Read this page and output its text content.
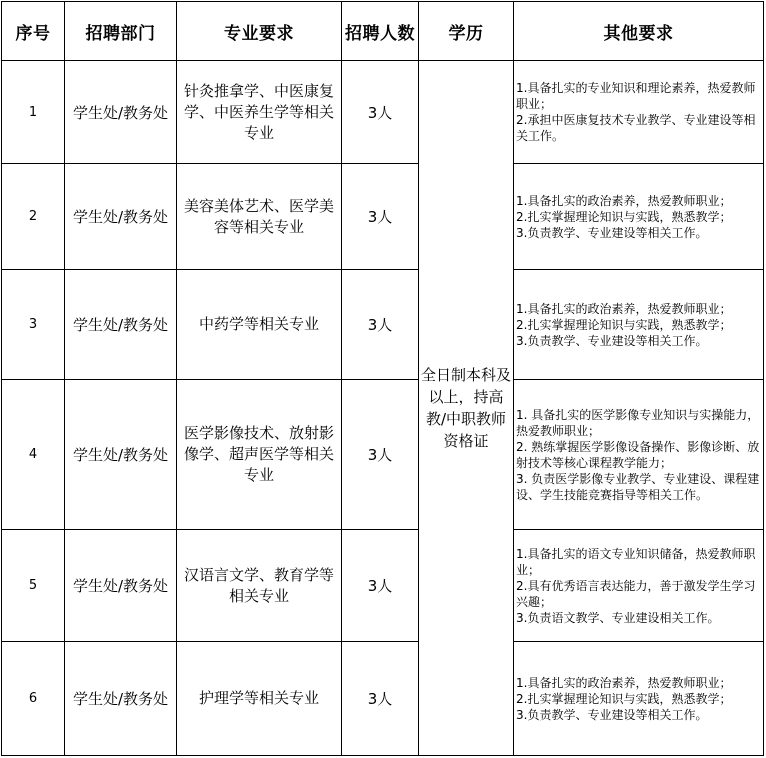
序号	招聘部门	专业要求	招聘人数	学历	其他要求
1	学生处/教务处	针灸推拿学、中医康复学、中医养生学等相关专业	3人	全日制本科及以上，持高教/中职教师资格证	1.具备扎实的专业知识和理论素养，热爱教师职业；
2.承担中医康复技术专业教学、专业建设等相关工作。

2	学生处/教务处	美容美体艺术、医学美容等相关专业	3人		1.具备扎实的政治素养，热爱教师职业；
2.扎实掌握理论知识与实践，熟悉教学；
3.负责教学、专业建设等相关工作。

3	学生处/教务处	中药学等相关专业	3人		1.具备扎实的政治素养，热爱教师职业；
2.扎实掌握理论知识与实践，熟悉教学；
3.负责教学、专业建设等相关工作。

4	学生处/教务处	医学影像技术、放射影像学、超声医学等相关专业	3人		1. 具备扎实的医学影像专业知识与实操能力，热爱教师职业；
2. 熟练掌握医学影像设备操作、影像诊断、放射技术等核心课程教学能力；
3. 负责医学影像专业教学、专业建设、课程建设、学生技能竞赛指导等相关工作。

5	学生处/教务处	汉语言文学、教育学等相关专业	3人		1.具备扎实的语文专业知识储备，热爱教师职业；
2.具有优秀语言表达能力，善于激发学生学习兴趣；
3.负责语文教学、专业建设相关工作。

6	学生处/教务处	护理学等相关专业	3人		1.具备扎实的政治素养，热爱教师职业；
2.扎实掌握理论知识与实践，熟悉教学；
3.负责教学、专业建设等相关工作。
